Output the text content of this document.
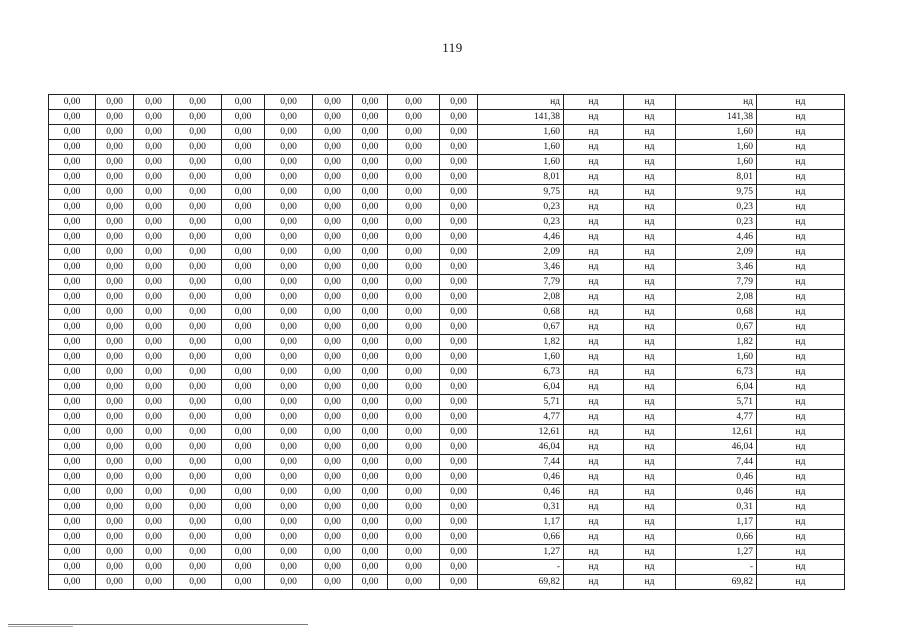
119
0,00	0,00	0,00	0,00	0,00	0,00	0,00	0,00	0,00	0,00	нд	нд	нд	нд	нд
0,00	0,00	0,00	0,00	0,00	0,00	0,00	0,00	0,00	0,00	141,38	нд	нд	141,38	нд
0,00	0,00	0,00	0,00	0,00	0,00	0,00	0,00	0,00	0,00	1,60	нд	нд	1,60	нд
0,00	0,00	0,00	0,00	0,00	0,00	0,00	0,00	0,00	0,00	1,60	нд	нд	1,60	нд
0,00	0,00	0,00	0,00	0,00	0,00	0,00	0,00	0,00	0,00	1,60	нд	нд	1,60	нд
0,00	0,00	0,00	0,00	0,00	0,00	0,00	0,00	0,00	0,00	8,01	нд	нд	8,01	нд
0,00	0,00	0,00	0,00	0,00	0,00	0,00	0,00	0,00	0,00	9,75	нд	нд	9,75	нд
0,00	0,00	0,00	0,00	0,00	0,00	0,00	0,00	0,00	0,00	0,23	нд	нд	0,23	нд
0,00	0,00	0,00	0,00	0,00	0,00	0,00	0,00	0,00	0,00	0,23	нд	нд	0,23	нд
0,00	0,00	0,00	0,00	0,00	0,00	0,00	0,00	0,00	0,00	4,46	нд	нд	4,46	нд
0,00	0,00	0,00	0,00	0,00	0,00	0,00	0,00	0,00	0,00	2,09	нд	нд	2,09	нд
0,00	0,00	0,00	0,00	0,00	0,00	0,00	0,00	0,00	0,00	3,46	нд	нд	3,46	нд
0,00	0,00	0,00	0,00	0,00	0,00	0,00	0,00	0,00	0,00	7,79	нд	нд	7,79	нд
0,00	0,00	0,00	0,00	0,00	0,00	0,00	0,00	0,00	0,00	2,08	нд	нд	2,08	нд
0,00	0,00	0,00	0,00	0,00	0,00	0,00	0,00	0,00	0,00	0,68	нд	нд	0,68	нд
0,00	0,00	0,00	0,00	0,00	0,00	0,00	0,00	0,00	0,00	0,67	нд	нд	0,67	нд
0,00	0,00	0,00	0,00	0,00	0,00	0,00	0,00	0,00	0,00	1,82	нд	нд	1,82	нд
0,00	0,00	0,00	0,00	0,00	0,00	0,00	0,00	0,00	0,00	1,60	нд	нд	1,60	нд
0,00	0,00	0,00	0,00	0,00	0,00	0,00	0,00	0,00	0,00	6,73	нд	нд	6,73	нд
0,00	0,00	0,00	0,00	0,00	0,00	0,00	0,00	0,00	0,00	6,04	нд	нд	6,04	нд
0,00	0,00	0,00	0,00	0,00	0,00	0,00	0,00	0,00	0,00	5,71	нд	нд	5,71	нд
0,00	0,00	0,00	0,00	0,00	0,00	0,00	0,00	0,00	0,00	4,77	нд	нд	4,77	нд
0,00	0,00	0,00	0,00	0,00	0,00	0,00	0,00	0,00	0,00	12,61	нд	нд	12,61	нд
0,00	0,00	0,00	0,00	0,00	0,00	0,00	0,00	0,00	0,00	46,04	нд	нд	46,04	нд
0,00	0,00	0,00	0,00	0,00	0,00	0,00	0,00	0,00	0,00	7,44	нд	нд	7,44	нд
0,00	0,00	0,00	0,00	0,00	0,00	0,00	0,00	0,00	0,00	0,46	нд	нд	0,46	нд
0,00	0,00	0,00	0,00	0,00	0,00	0,00	0,00	0,00	0,00	0,46	нд	нд	0,46	нд
0,00	0,00	0,00	0,00	0,00	0,00	0,00	0,00	0,00	0,00	0,31	нд	нд	0,31	нд
0,00	0,00	0,00	0,00	0,00	0,00	0,00	0,00	0,00	0,00	1,17	нд	нд	1,17	нд
0,00	0,00	0,00	0,00	0,00	0,00	0,00	0,00	0,00	0,00	0,66	нд	нд	0,66	нд
0,00	0,00	0,00	0,00	0,00	0,00	0,00	0,00	0,00	0,00	1,27	нд	нд	1,27	нд
0,00	0,00	0,00	0,00	0,00	0,00	0,00	0,00	0,00	0,00	-	нд	нд	-	нд
0,00	0,00	0,00	0,00	0,00	0,00	0,00	0,00	0,00	0,00	69,82	нд	нд	69,82	нд
